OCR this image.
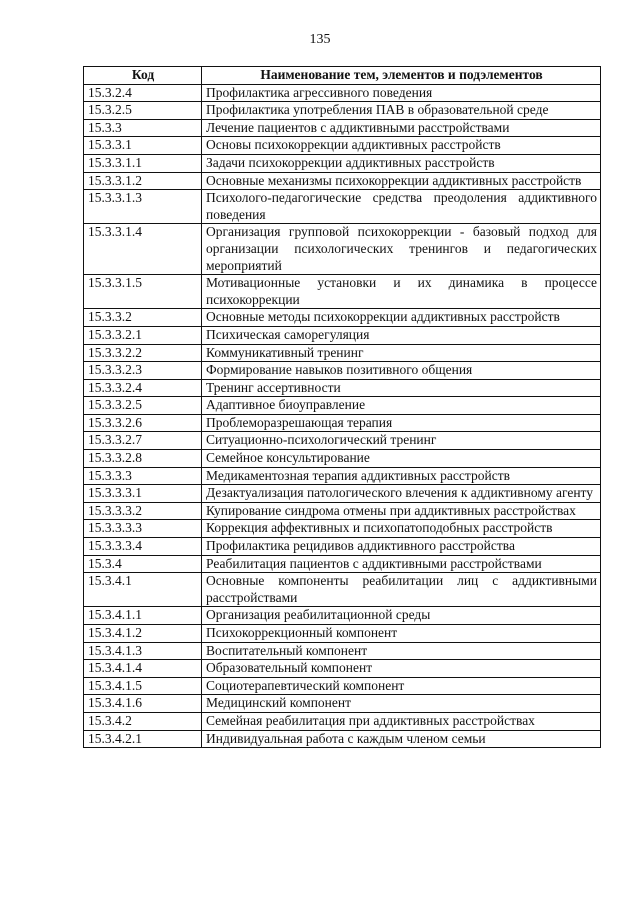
135
Код	Наименование тем, элементов и подэлементов
15.3.2.4	Профилактика агрессивного поведения
15.3.2.5	Профилактика употребления ПАВ в образовательной среде
15.3.3	Лечение пациентов с аддиктивными расстройствами
15.3.3.1	Основы психокоррекции аддиктивных расстройств
15.3.3.1.1	Задачи психокоррекции аддиктивных расстройств
15.3.3.1.2	Основные механизмы психокоррекции аддиктивных расстройств
15.3.3.1.3	Психолого-педагогические средства преодоления аддиктивного поведения
15.3.3.1.4	Организация групповой психокоррекции - базовый подход для организации психологических тренингов и педагогических мероприятий
15.3.3.1.5	Мотивационные установки и их динамика в процессе психокоррекции
15.3.3.2	Основные методы психокоррекции аддиктивных расстройств
15.3.3.2.1	Психическая саморегуляция
15.3.3.2.2	Коммуникативный тренинг
15.3.3.2.3	Формирование навыков позитивного общения
15.3.3.2.4	Тренинг ассертивности
15.3.3.2.5	Адаптивное биоуправление
15.3.3.2.6	Проблеморазрешающая терапия
15.3.3.2.7	Ситуационно-психологический тренинг
15.3.3.2.8	Семейное консультирование
15.3.3.3	Медикаментозная терапия аддиктивных расстройств
15.3.3.3.1	Дезактуализация патологического влечения к аддиктивному агенту
15.3.3.3.2	Купирование синдрома отмены при аддиктивных расстройствах
15.3.3.3.3	Коррекция аффективных и психопатоподобных расстройств
15.3.3.3.4	Профилактика рецидивов аддиктивного расстройства
15.3.4	Реабилитация пациентов с аддиктивными расстройствами
15.3.4.1	Основные компоненты реабилитации лиц с аддиктивными расстройствами
15.3.4.1.1	Организация реабилитационной среды
15.3.4.1.2	Психокоррекционный компонент
15.3.4.1.3	Воспитательный компонент
15.3.4.1.4	Образовательный компонент
15.3.4.1.5	Социотерапевтический компонент
15.3.4.1.6	Медицинский компонент
15.3.4.2	Семейная реабилитация при аддиктивных расстройствах
15.3.4.2.1	Индивидуальная работа с каждым членом семьи
